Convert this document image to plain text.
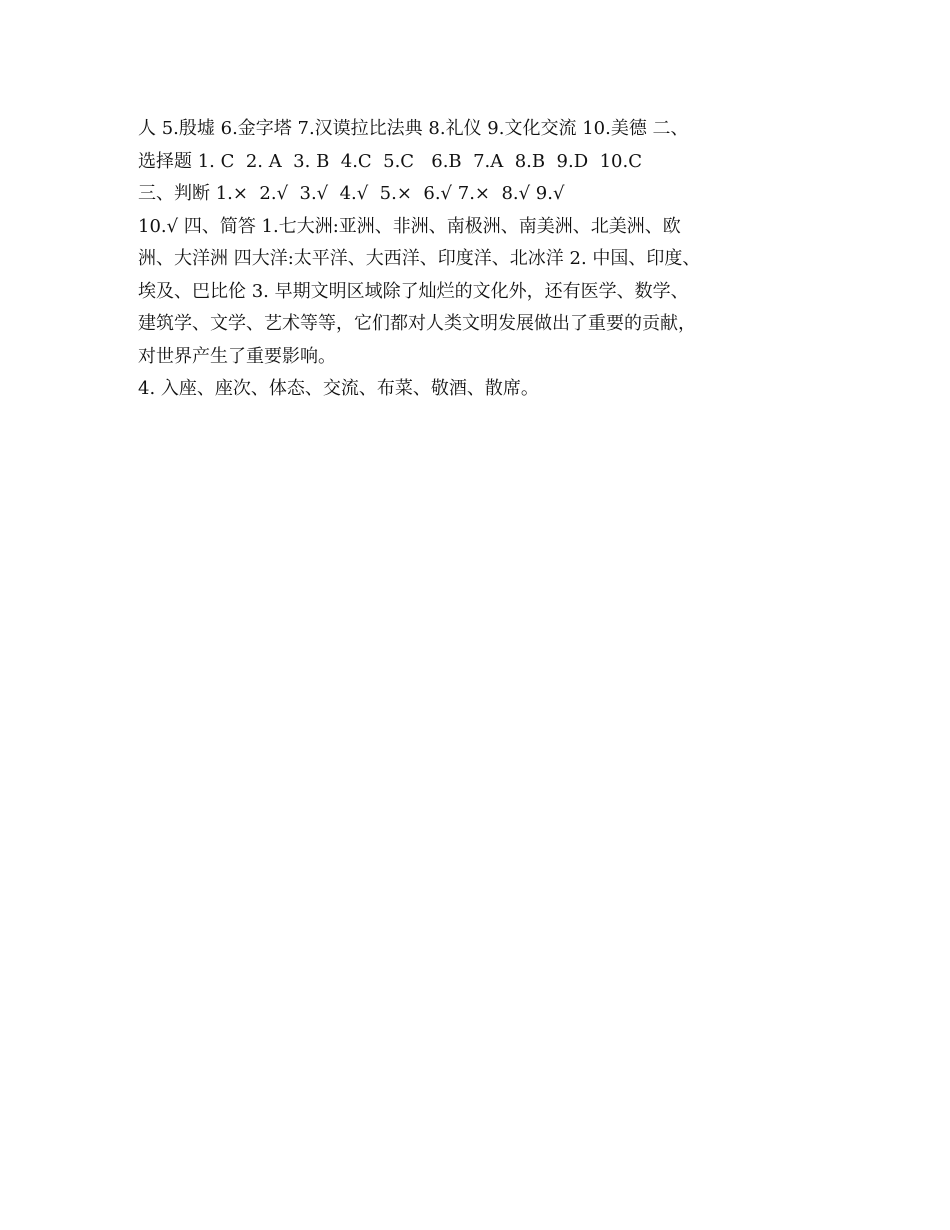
人 5.殷墟 6.金字塔 7.汉谟拉比法典 8.礼仪 9.文化交流 10.美德 二、
选择题 1. C  2. A  3. B  4.C  5.C   6.B  7.A  8.B  9.D  10.C
三、判断 1.×  2.√  3.√  4.√  5.×  6.√ 7.×  8.√ 9.√
10.√ 四、简答 1.七大洲:亚洲、非洲、南极洲、南美洲、北美洲、欧
洲、大洋洲 四大洋:太平洋、大西洋、印度洋、北冰洋 2. 中国、印度、
埃及、巴比伦 3. 早期文明区域除了灿烂的文化外，还有医学、数学、
建筑学、文学、艺术等等，它们都对人类文明发展做出了重要的贡献，
对世界产生了重要影响。
4. 入座、座次、体态、交流、布菜、敬酒、散席。
